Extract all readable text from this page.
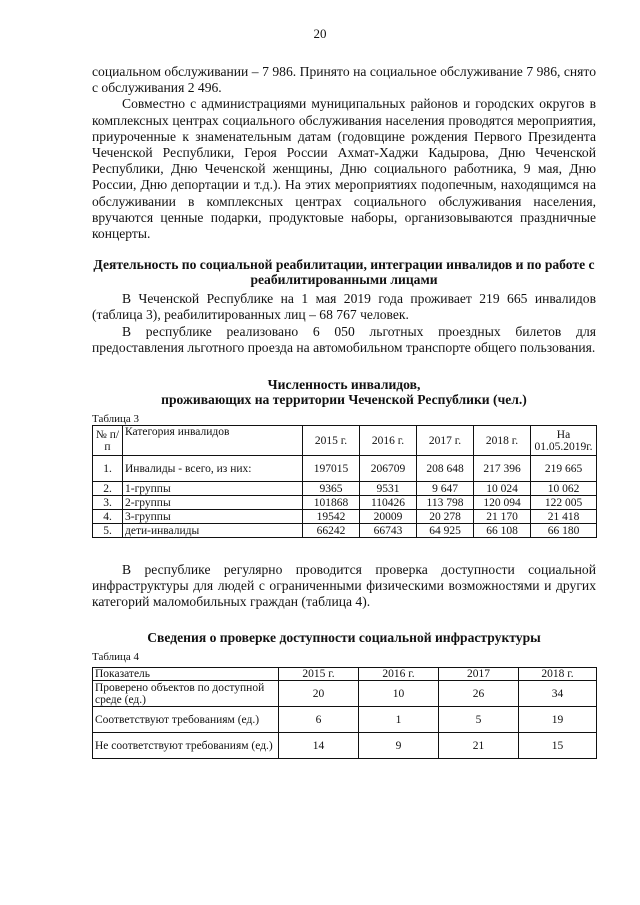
20

социальном обслуживании – 7 986. Принято на социальное обслуживание 7 986, снято с обслуживания 2 496.

Совместно с администрациями муниципальных районов и городских округов в комплексных центрах социального обслуживания населения проводятся мероприятия, приуроченные к знаменательным датам (годовщине рождения Первого Президента Чеченской Республики, Героя России Ахмат-Хаджи Кадырова, Дню Чеченской Республики, Дню Чеченской женщины, Дню социального работника, 9 мая, Дню России, Дню депортации и т.д.). На этих мероприятиях подопечным, находящимся на обслуживании в комплексных центрах социального обслуживания населения, вручаются ценные подарки, продуктовые наборы, организовываются праздничные концерты.

Деятельность по социальной реабилитации, интеграции инвалидов и по работе с реабилитированными лицами

В Чеченской Республике на 1 мая 2019 года проживает 219 665 инвалидов (таблица 3), реабилитированных лиц – 68 767 человек.

В республике реализовано 6 050 льготных проездных билетов для предоставления льготного проезда на автомобильном транспорте общего пользования.

Численность инвалидов,

проживающих на территории Чеченской Республики (чел.)

Таблица 3

№ п/п	Категория инвалидов	2015 г.	2016 г.	2017 г.	2018 г.	На 01.05.2019г.
1.	Инвалиды - всего, из них:	197015	206709	208 648	217 396	219 665
2.	1-группы	9365	9531	9 647	10 024	10 062
3.	2-группы	101868	110426	113 798	120 094	122 005
4.	3-группы	19542	20009	20 278	21 170	21 418
5.	дети-инвалиды	66242	66743	64 925	66 108	66 180

В республике регулярно проводится проверка доступности социальной инфраструктуры для людей с ограниченными физическими возможностями и других категорий маломобильных граждан (таблица 4).

Сведения о проверке доступности социальной инфраструктуры

Таблица 4

Показатель	2015 г.	2016 г.	2017	2018 г.
Проверено объектов по доступной среде (ед.)	20	10	26	34
Соответствуют требованиям (ед.)	6	1	5	19
Не соответствуют требованиям (ед.)	14	9	21	15
